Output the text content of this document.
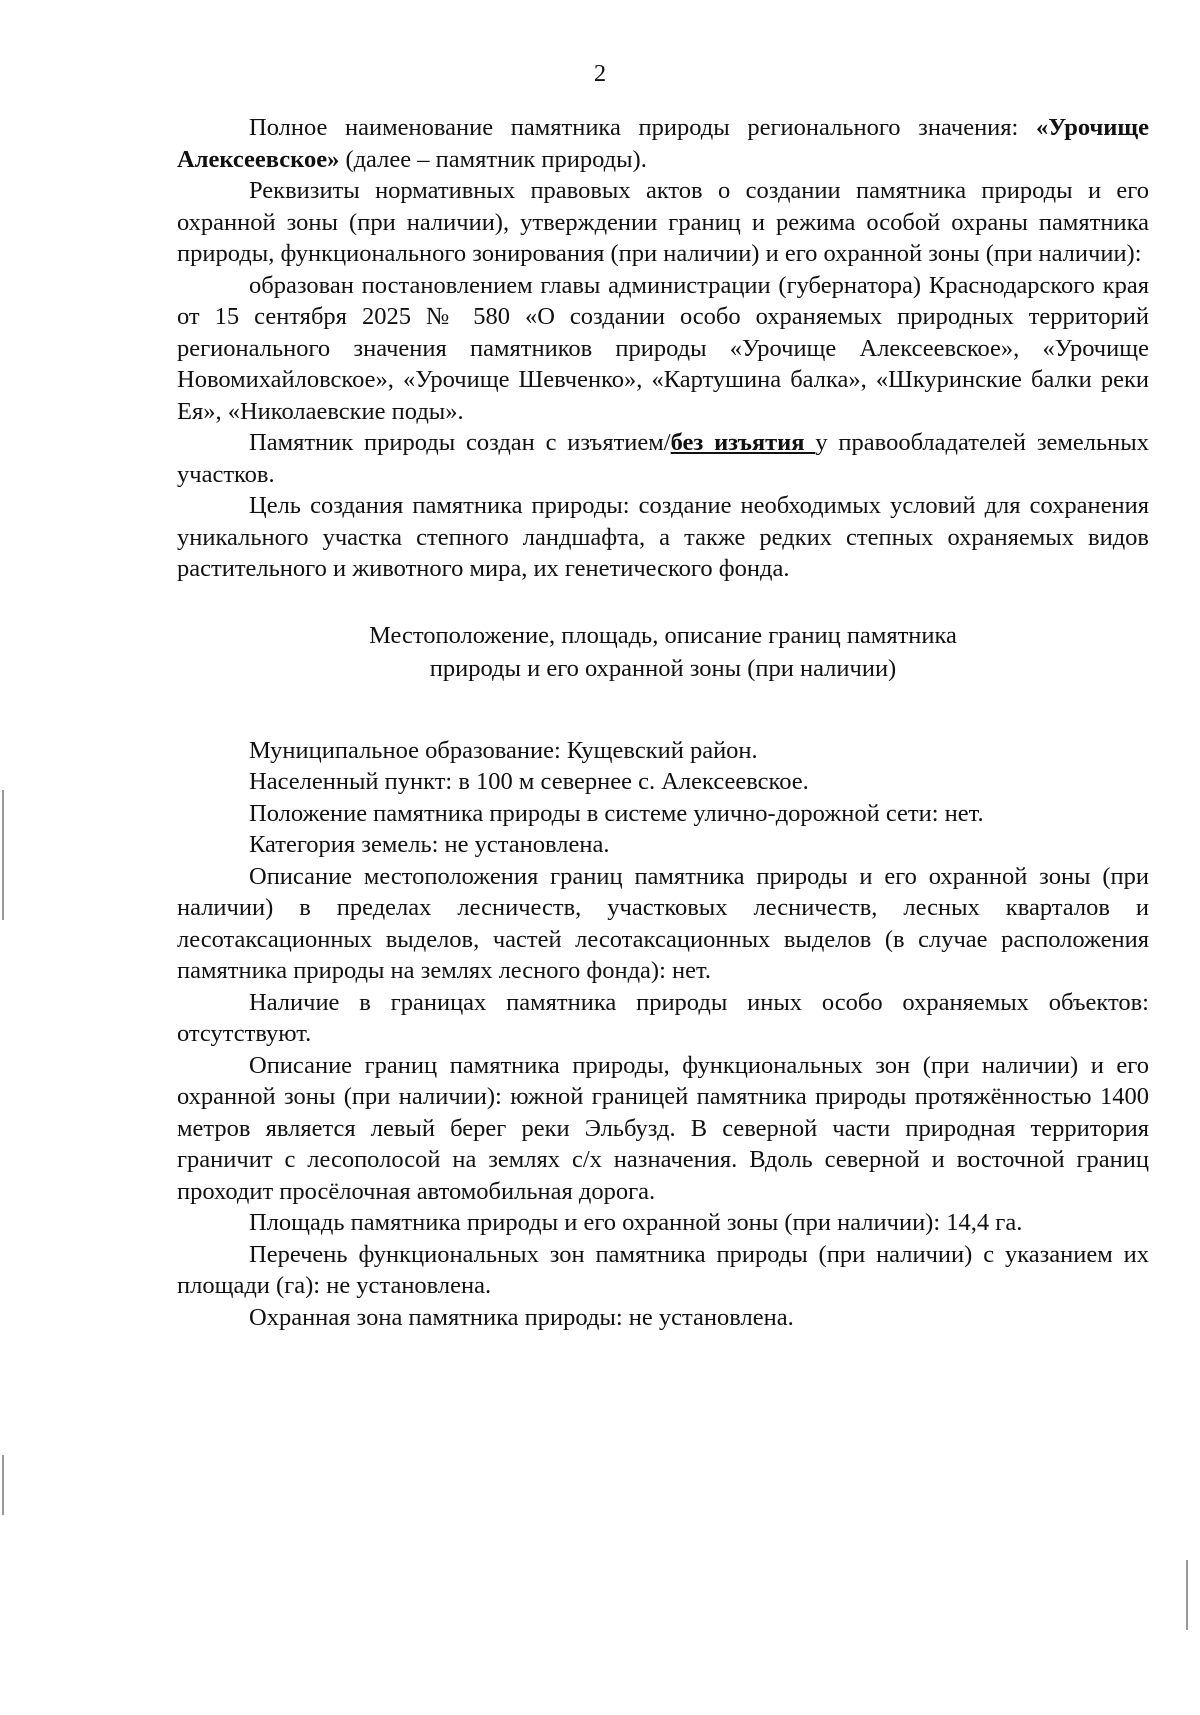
2

Полное наименование памятника природы регионального значения: «Урочище Алексеевское» (далее – памятник природы).

Реквизиты нормативных правовых актов о создании памятника природы и его охранной зоны (при наличии), утверждении границ и режима особой охраны памятника природы, функционального зонирования (при наличии) и его охранной зоны (при наличии):

образован постановлением главы администрации (губернатора) Краснодарского края от 15 сентября 2025 № 580 «О создании особо охраняемых природных территорий регионального значения памятников природы «Урочище Алексеевское», «Урочище Новомихайловское», «Урочище Шевченко», «Картушина балка», «Шкуринские балки реки Ея», «Николаевские поды».

Памятник природы создан с изъятием/без изъятия у правообладателей земельных участков.

Цель создания памятника природы: создание необходимых условий для сохранения уникального участка степного ландшафта, а также редких степных охраняемых видов растительного и животного мира, их генетического фонда.

Местоположение, площадь, описание границ памятника
природы и его охранной зоны (при наличии)

Муниципальное образование: Кущевский район.

Населенный пункт: в 100 м севернее с. Алексеевское.

Положение памятника природы в системе улично-дорожной сети: нет.

Категория земель: не установлена.

Описание местоположения границ памятника природы и его охранной зоны (при наличии) в пределах лесничеств, участковых лесничеств, лесных кварталов и лесотаксационных выделов, частей лесотаксационных выделов (в случае расположения памятника природы на землях лесного фонда): нет.

Наличие в границах памятника природы иных особо охраняемых объектов: отсутствуют.

Описание границ памятника природы, функциональных зон (при наличии) и его охранной зоны (при наличии): южной границей памятника природы протяжённостью 1400 метров является левый берег реки Эльбузд. В северной части природная территория граничит с лесополосой на землях с/х назначения. Вдоль северной и восточной границ проходит просёлочная автомобильная дорога.

Площадь памятника природы и его охранной зоны (при наличии): 14,4 га.

Перечень функциональных зон памятника природы (при наличии) с указанием их площади (га): не установлена.

Охранная зона памятника природы: не установлена.
